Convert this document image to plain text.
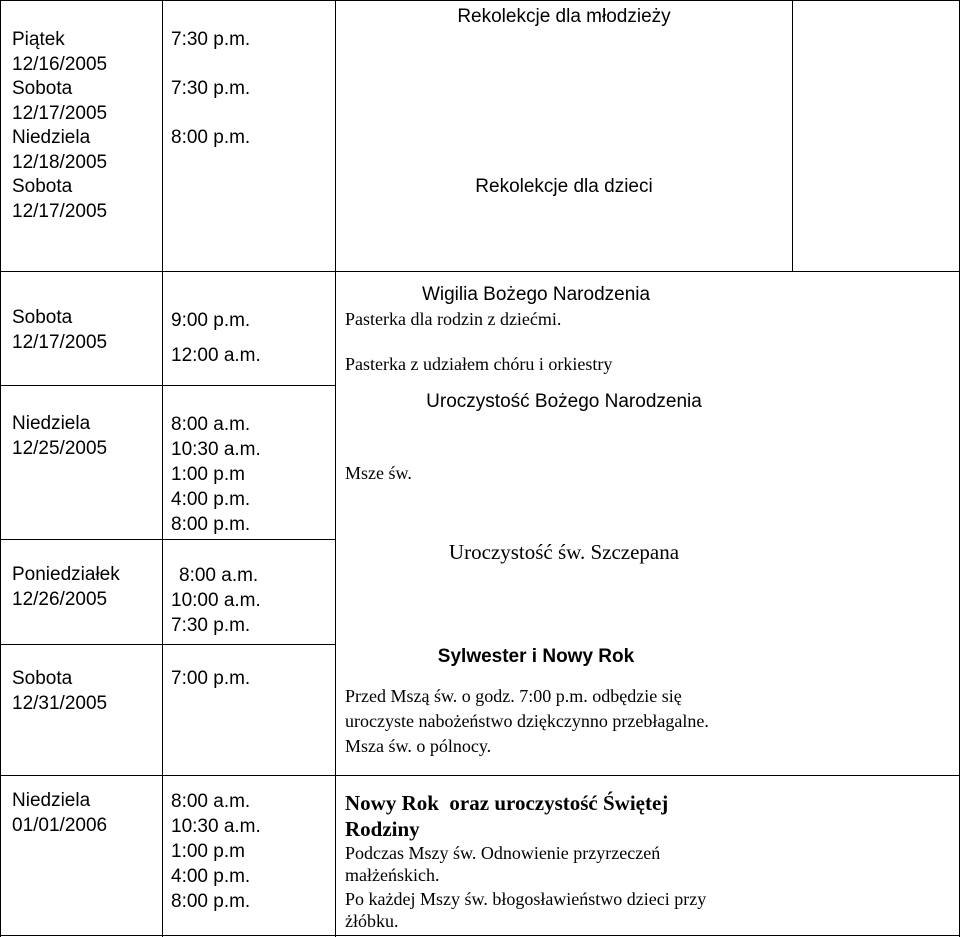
Piątek
12/16/2005
Sobota
12/17/2005
Niedziela
12/18/2005
Sobota
12/17/2005
7:30 p.m.
7:30 p.m.
8:00 p.m.
Rekolekcje dla młodzieży
Rekolekcje dla dzieci
Sobota
12/17/2005
9:00 p.m.
12:00 a.m.
Wigilia Bożego Narodzenia
Pasterka dla rodzin z dziećmi.
Pasterka z udziałem chóru i orkiestry
Niedziela
12/25/2005
8:00 a.m.
10:30 a.m.
1:00 p.m
4:00 p.m.
8:00 p.m.
Uroczystość Bożego Narodzenia
Msze św.
Poniedziałek
12/26/2005
8:00 a.m.
10:00 a.m.
7:30 p.m.
Uroczystość św. Szczepana
Sobota
12/31/2005
7:00 p.m.
Sylwester i Nowy Rok
Przed Mszą św. o godz. 7:00 p.m. odbędzie się
uroczyste nabożeństwo dziękczynno przebłagalne.
Msza św. o pólnocy.
Niedziela
01/01/2006
8:00 a.m.
10:30 a.m.
1:00 p.m
4:00 p.m.
8:00 p.m.
Nowy Rok  oraz uroczystość Świętej
Rodziny
Podczas Mszy św. Odnowienie przyrzeczeń
małżeńskich.
Po każdej Mszy św. błogosławieństwo dzieci przy
żłóbku.
